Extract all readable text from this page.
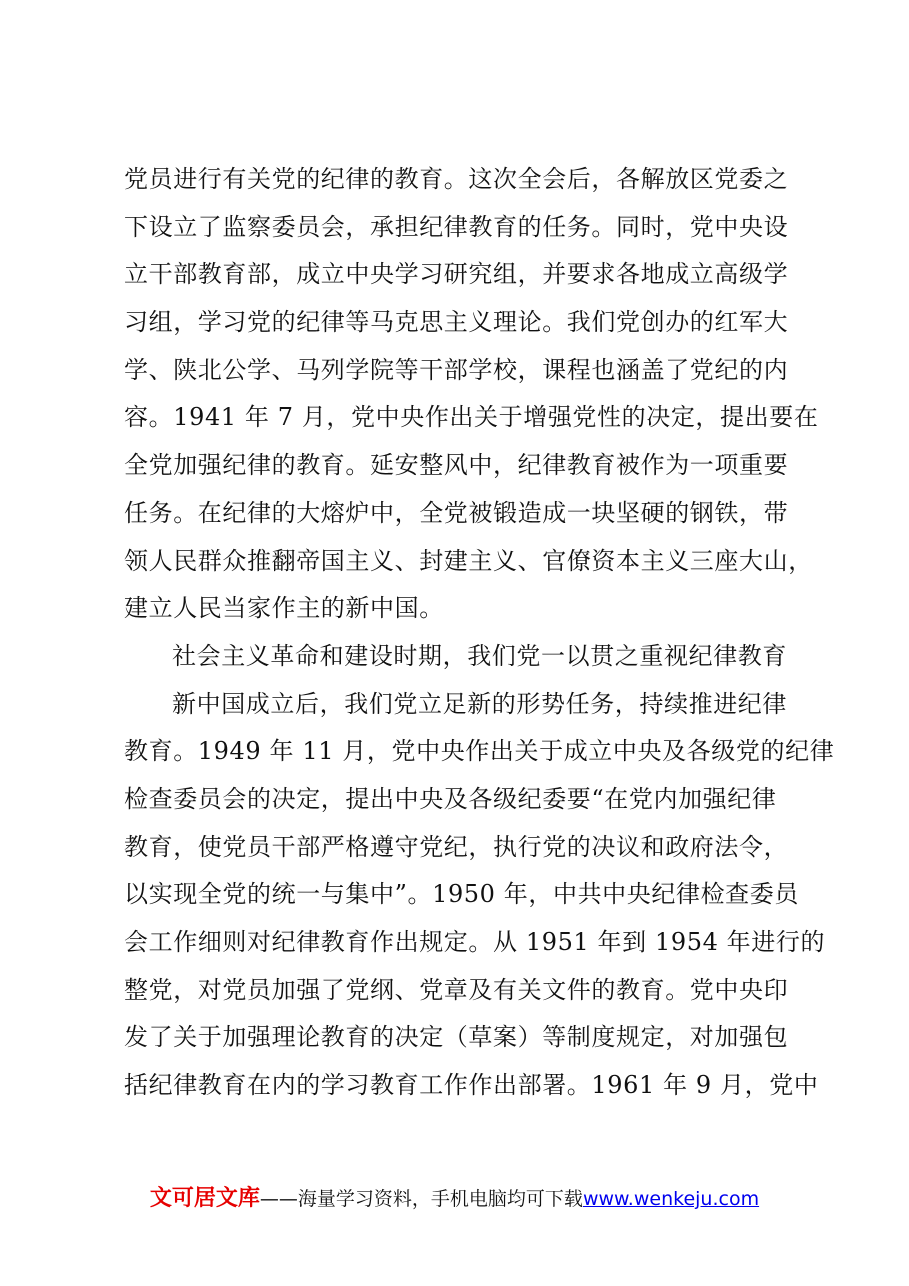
党员进行有关党的纪律的教育。这次全会后，各解放区党委之
下设立了监察委员会，承担纪律教育的任务。同时，党中央设
立干部教育部，成立中央学习研究组，并要求各地成立高级学
习组，学习党的纪律等马克思主义理论。我们党创办的红军大
学、陕北公学、马列学院等干部学校，课程也涵盖了党纪的内
容。1941 年 7 月，党中央作出关于增强党性的决定，提出要在
全党加强纪律的教育。延安整风中，纪律教育被作为一项重要
任务。在纪律的大熔炉中，全党被锻造成一块坚硬的钢铁，带
领人民群众推翻帝国主义、封建主义、官僚资本主义三座大山，
建立人民当家作主的新中国。
社会主义革命和建设时期，我们党一以贯之重视纪律教育
新中国成立后，我们党立足新的形势任务，持续推进纪律
教育。1949 年 11 月，党中央作出关于成立中央及各级党的纪律
检查委员会的决定，提出中央及各级纪委要“在党内加强纪律
教育，使党员干部严格遵守党纪，执行党的决议和政府法令，
以实现全党的统一与集中”。1950 年，中共中央纪律检查委员
会工作细则对纪律教育作出规定。从 1951 年到 1954 年进行的
整党，对党员加强了党纲、党章及有关文件的教育。党中央印
发了关于加强理论教育的决定（草案）等制度规定，对加强包
括纪律教育在内的学习教育工作作出部署。1961 年 9 月，党中
文可居文库——海量学习资料，手机电脑均可下载www.wenkeju.com
